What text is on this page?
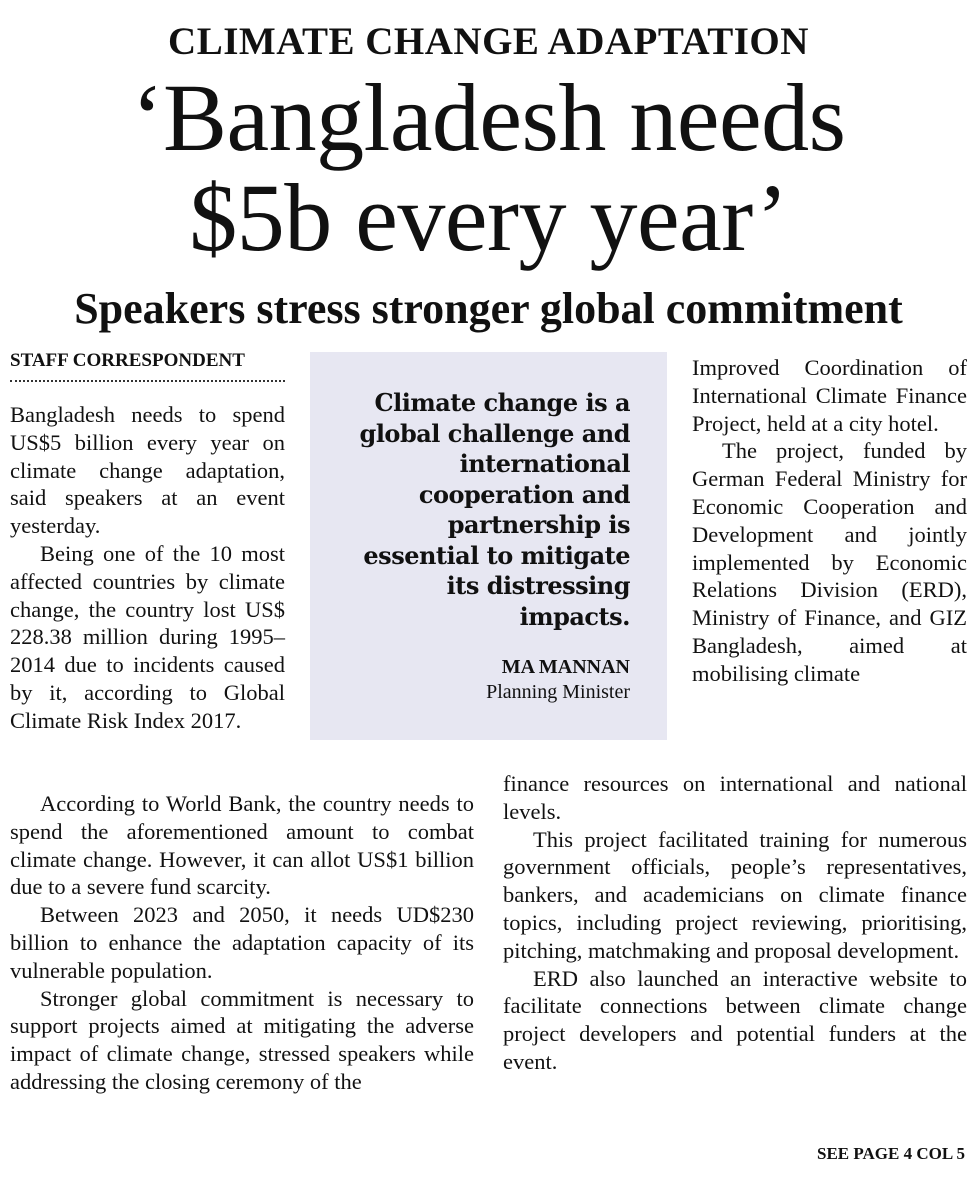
CLIMATE CHANGE ADAPTATION
‘Bangladesh needs
$5b every year’
Speakers stress stronger global commitment
STAFF CORRESPONDENT

Bangladesh needs to spend US$5 billion every year on climate change adaptation, said speakers at an event yesterday.

Being one of the 10 most affected countries by climate change, the country lost US$ 228.38 million during 1995–2014 due to incidents caused by it, according to Global Climate Risk Index 2017.

According to World Bank, the country needs to spend the aforementioned amount to combat climate change. However, it can allot US$1 billion due to a severe fund scarcity.

Between 2023 and 2050, it needs UD$230 billion to enhance the adaptation capacity of its vulnerable population.

Stronger global commitment is necessary to support projects aimed at mitigating the adverse impact of climate change, stressed speakers while addressing the closing ceremony of the

Climate change is a global challenge and international cooperation and partnership is essential to mitigate its distressing impacts.
MA MANNAN
Planning Minister

Improved Coordination of International Climate Finance Project, held at a city hotel.

The project, funded by German Federal Ministry for Economic Cooperation and Development and jointly implemented by Economic Relations Division (ERD), Ministry of Finance, and GIZ Bangladesh, aimed at mobilising climate

finance resources on international and national levels.

This project facilitated training for numerous government officials, people’s representatives, bankers, and academicians on climate finance topics, including project reviewing, prioritising, pitching, matchmaking and proposal development.

ERD also launched an interactive website to facilitate connections between climate change project developers and potential funders at the event.

SEE PAGE 4 COL 5
